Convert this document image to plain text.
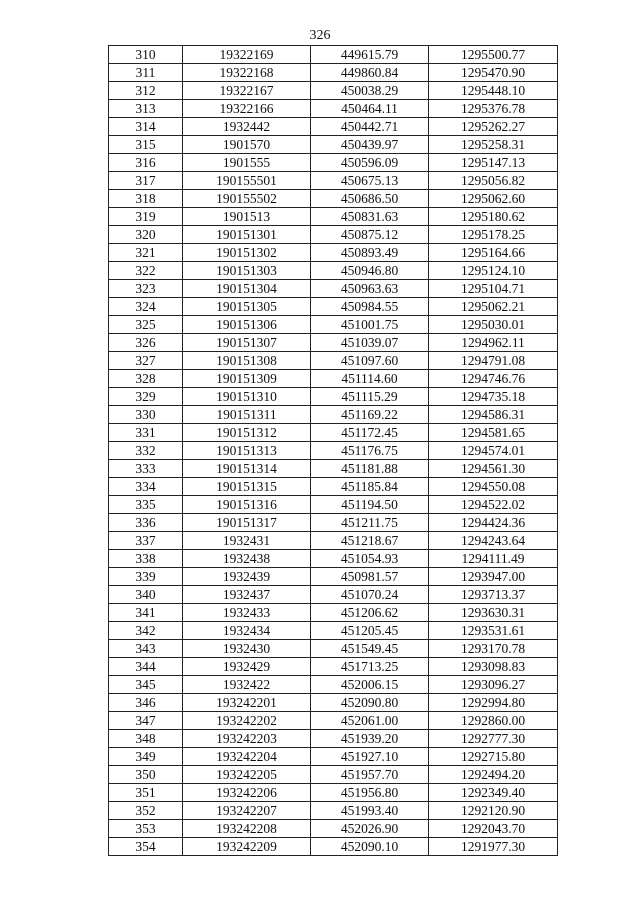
326
310	19322169	449615.79	1295500.77
311	19322168	449860.84	1295470.90
312	19322167	450038.29	1295448.10
313	19322166	450464.11	1295376.78
314	1932442	450442.71	1295262.27
315	1901570	450439.97	1295258.31
316	1901555	450596.09	1295147.13
317	190155501	450675.13	1295056.82
318	190155502	450686.50	1295062.60
319	1901513	450831.63	1295180.62
320	190151301	450875.12	1295178.25
321	190151302	450893.49	1295164.66
322	190151303	450946.80	1295124.10
323	190151304	450963.63	1295104.71
324	190151305	450984.55	1295062.21
325	190151306	451001.75	1295030.01
326	190151307	451039.07	1294962.11
327	190151308	451097.60	1294791.08
328	190151309	451114.60	1294746.76
329	190151310	451115.29	1294735.18
330	190151311	451169.22	1294586.31
331	190151312	451172.45	1294581.65
332	190151313	451176.75	1294574.01
333	190151314	451181.88	1294561.30
334	190151315	451185.84	1294550.08
335	190151316	451194.50	1294522.02
336	190151317	451211.75	1294424.36
337	1932431	451218.67	1294243.64
338	1932438	451054.93	1294111.49
339	1932439	450981.57	1293947.00
340	1932437	451070.24	1293713.37
341	1932433	451206.62	1293630.31
342	1932434	451205.45	1293531.61
343	1932430	451549.45	1293170.78
344	1932429	451713.25	1293098.83
345	1932422	452006.15	1293096.27
346	193242201	452090.80	1292994.80
347	193242202	452061.00	1292860.00
348	193242203	451939.20	1292777.30
349	193242204	451927.10	1292715.80
350	193242205	451957.70	1292494.20
351	193242206	451956.80	1292349.40
352	193242207	451993.40	1292120.90
353	193242208	452026.90	1292043.70
354	193242209	452090.10	1291977.30
